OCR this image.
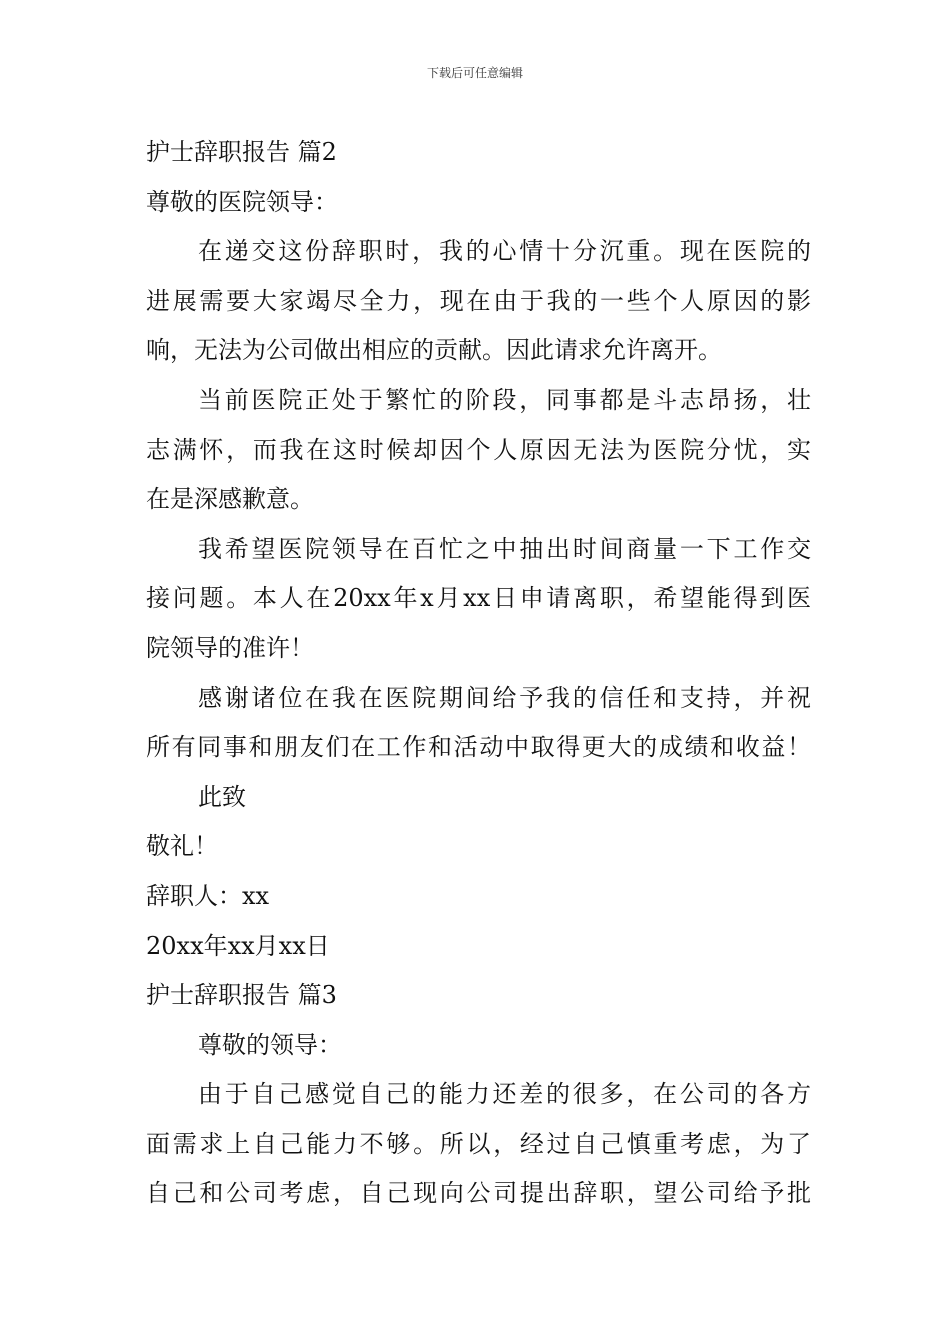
下载后可任意编辑
护士辞职报告 篇2
尊敬的医院领导：
在递交这份辞职时，我的心情十分沉重。现在医院的
进展需要大家竭尽全力，现在由于我的一些个人原因的影
响，无法为公司做出相应的贡献。因此请求允许离开。
当前医院正处于繁忙的阶段，同事都是斗志昂扬，壮
志满怀，而我在这时候却因个人原因无法为医院分忧，实
在是深感歉意。
我希望医院领导在百忙之中抽出时间商量一下工作交
接问题。本人在20xx年x月xx日申请离职，希望能得到医
院领导的准许！
感谢诸位在我在医院期间给予我的信任和支持，并祝
所有同事和朋友们在工作和活动中取得更大的成绩和收益！
此致
敬礼！
辞职人：xx
20xx年xx月xx日
护士辞职报告 篇3
尊敬的领导：
由于自己感觉自己的能力还差的很多，在公司的各方
面需求上自己能力不够。所以，经过自己慎重考虑，为了
自己和公司考虑，自己现向公司提出辞职，望公司给予批
